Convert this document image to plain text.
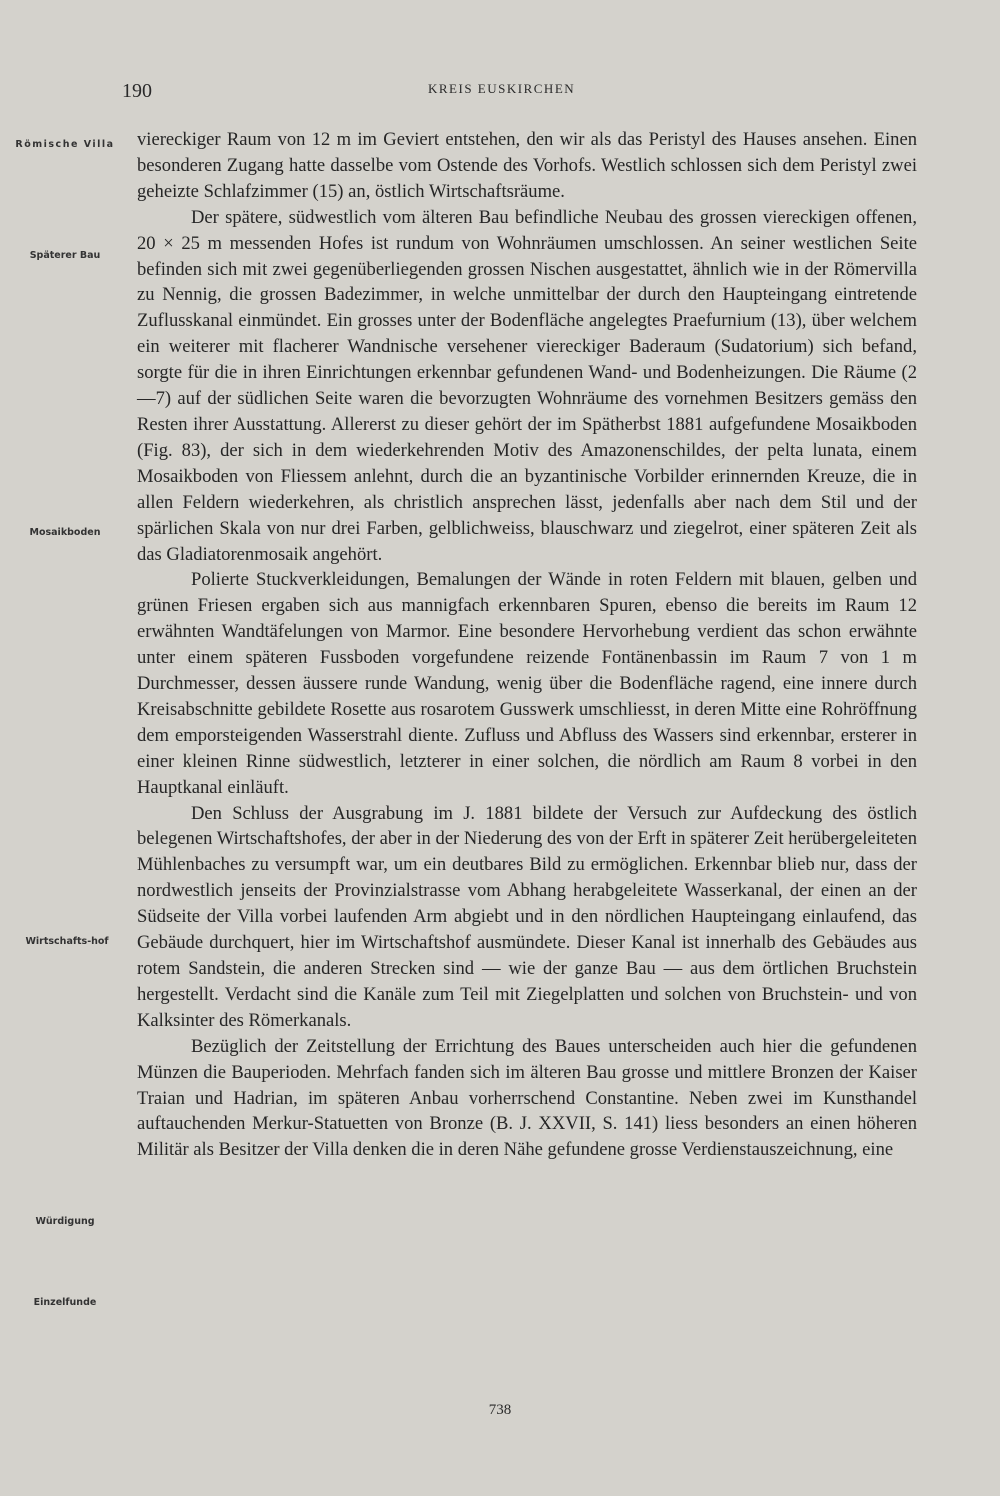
190	KREIS EUSKIRCHEN
Römische Villa
Späterer Bau
Mosaikboden
Wirtschafts-hof
Würdigung
Einzelfunde

viereckiger Raum von 12 m im Geviert entstehen, den wir als das Peristyl des Hauses ansehen. Einen besonderen Zugang hatte dasselbe vom Ostende des Vorhofs. Westlich schlossen sich dem Peristyl zwei geheizte Schlafzimmer (15) an, östlich Wirtschaftsräume.

Der spätere, südwestlich vom älteren Bau befindliche Neubau des grossen viereckigen offenen, 20 × 25 m messenden Hofes ist rundum von Wohnräumen umschlossen. An seiner westlichen Seite befinden sich mit zwei gegenüberliegenden grossen Nischen ausgestattet, ähnlich wie in der Römervilla zu Nennig, die grossen Badezimmer, in welche unmittelbar der durch den Haupteingang eintretende Zuflusskanal einmündet. Ein grosses unter der Bodenfläche angelegtes Praefurnium (13), über welchem ein weiterer mit flacherer Wandnische versehener viereckiger Baderaum (Sudatorium) sich befand, sorgte für die in ihren Einrichtungen erkennbar gefundenen Wand- und Bodenheizungen. Die Räume (2—7) auf der südlichen Seite waren die bevorzugten Wohnräume des vornehmen Besitzers gemäss den Resten ihrer Ausstattung. Allererst zu dieser gehört der im Spätherbst 1881 aufgefundene Mosaikboden (Fig. 83), der sich in dem wiederkehrenden Motiv des Amazonenschildes, der pelta lunata, einem Mosaikboden von Fliessem anlehnt, durch die an byzantinische Vorbilder erinnernden Kreuze, die in allen Feldern wiederkehren, als christlich ansprechen lässt, jedenfalls aber nach dem Stil und der spärlichen Skala von nur drei Farben, gelblichweiss, blauschwarz und ziegelrot, einer späteren Zeit als das Gladiatorenmosaik angehört.

Polierte Stuckverkleidungen, Bemalungen der Wände in roten Feldern mit blauen, gelben und grünen Friesen ergaben sich aus mannigfach erkennbaren Spuren, ebenso die bereits im Raum 12 erwähnten Wandtäfelungen von Marmor. Eine besondere Hervorhebung verdient das schon erwähnte unter einem späteren Fussboden vorgefundene reizende Fontänenbassin im Raum 7 von 1 m Durchmesser, dessen äussere runde Wandung, wenig über die Bodenfläche ragend, eine innere durch Kreisabschnitte gebildete Rosette aus rosarotem Gusswerk umschliesst, in deren Mitte eine Rohröffnung dem emporsteigenden Wasserstrahl diente. Zufluss und Abfluss des Wassers sind erkennbar, ersterer in einer kleinen Rinne südwestlich, letzterer in einer solchen, die nördlich am Raum 8 vorbei in den Hauptkanal einläuft.

Den Schluss der Ausgrabung im J. 1881 bildete der Versuch zur Aufdeckung des östlich belegenen Wirtschaftshofes, der aber in der Niederung des von der Erft in späterer Zeit herübergeleiteten Mühlenbaches zu versumpft war, um ein deutbares Bild zu ermöglichen. Erkennbar blieb nur, dass der nordwestlich jenseits der Provinzialstrasse vom Abhang herabgeleitete Wasserkanal, der einen an der Südseite der Villa vorbei laufenden Arm abgiebt und in den nördlichen Haupteingang einlaufend, das Gebäude durchquert, hier im Wirtschaftshof ausmündete. Dieser Kanal ist innerhalb des Gebäudes aus rotem Sandstein, die anderen Strecken sind — wie der ganze Bau — aus dem örtlichen Bruchstein hergestellt. Verdacht sind die Kanäle zum Teil mit Ziegelplatten und solchen von Bruchstein- und von Kalksinter des Römerkanals.

Bezüglich der Zeitstellung der Errichtung des Baues unterscheiden auch hier die gefundenen Münzen die Bauperioden. Mehrfach fanden sich im älteren Bau grosse und mittlere Bronzen der Kaiser Traian und Hadrian, im späteren Anbau vorherrschend Constantine. Neben zwei im Kunsthandel auftauchenden Merkur-Statuetten von Bronze (B. J. XXVII, S. 141) liess besonders an einen höheren Militär als Besitzer der Villa denken die in deren Nähe gefundene grosse Verdienstauszeichnung, eine

738
